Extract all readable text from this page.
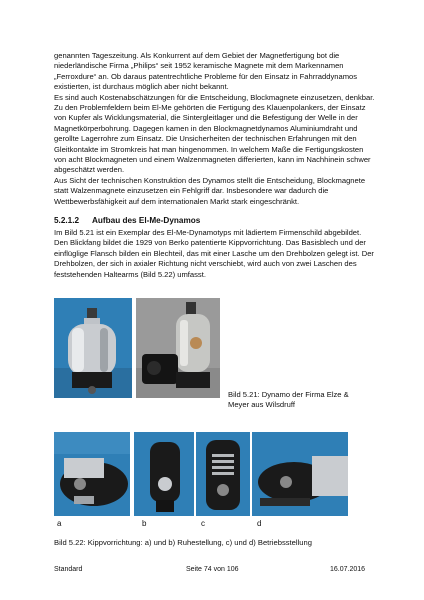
genannten Tageszeitung. Als Konkurrent auf dem Gebiet der Magnetfertigung bot die niederländische Firma „Philips“ seit 1952 keramische Magnete mit dem Markennamen „Ferroxdure“ an. Ob daraus patentrechtliche Probleme für den Einsatz in Fahrraddynamos existierten, ist durchaus möglich aber nicht bekannt.
Es sind auch Kostenabschätzungen für die Entscheidung, Blockmagnete einzusetzen, denkbar. Zu den Problemfeldern beim El-Me gehörten die Fertigung des Klauenpolankers, der Einsatz von Kupfer als Wicklungsmaterial, die Sintergleitlager und die Befestigung der Welle in der Magnetkörperbohrung. Dagegen kamen in den Blockmagnetdynamos Aluminiumdraht und gerollte Lagerrohre zum Einsatz. Die Unsicherheiten der technischen Erfahrungen mit den Gleitkontakte im Stromkreis hat man hingenommen. In welchem Maße die Fertigungskosten von acht Blockmagneten und einem Walzenmagneten differierten, kann im Nachhinein schwer abgeschätzt werden.
Aus Sicht der technischen Konstruktion des Dynamos stellt die Entscheidung, Blockmagnete statt Walzenmagnete einzusetzen ein Fehlgriff dar. Insbesondere war dadurch die Wettbewerbsfähigkeit auf dem internationalen Markt stark eingeschränkt.
5.2.1.2 Aufbau des El-Me-Dynamos

Im Bild 5.21 ist ein Exemplar des El-Me-Dynamotyps mit lädiertem Firmenschild abgebildet. Den Blickfang bildet die 1929 von Berko patentierte Kippvorrichtung. Das Basisblech und der einflüglige Flansch bilden ein Blechteil, das mit einer Lasche um den Drehbolzen gelegt ist. Der Drehbolzen, der sich in axialer Richtung nicht verschiebt, wird auch von zwei Laschen des feststehenden Haltearms (Bild 5.22) umfasst.

Bild 5.21: Dynamo der Firma Elze & Meyer aus Wilsdruff
a	b	c	d
Bild 5.22: Kippvorrichtung: a) und b) Ruhestellung, c) und d) Betriebsstellung
Standard	Seite 74 von 106	16.07.2016
